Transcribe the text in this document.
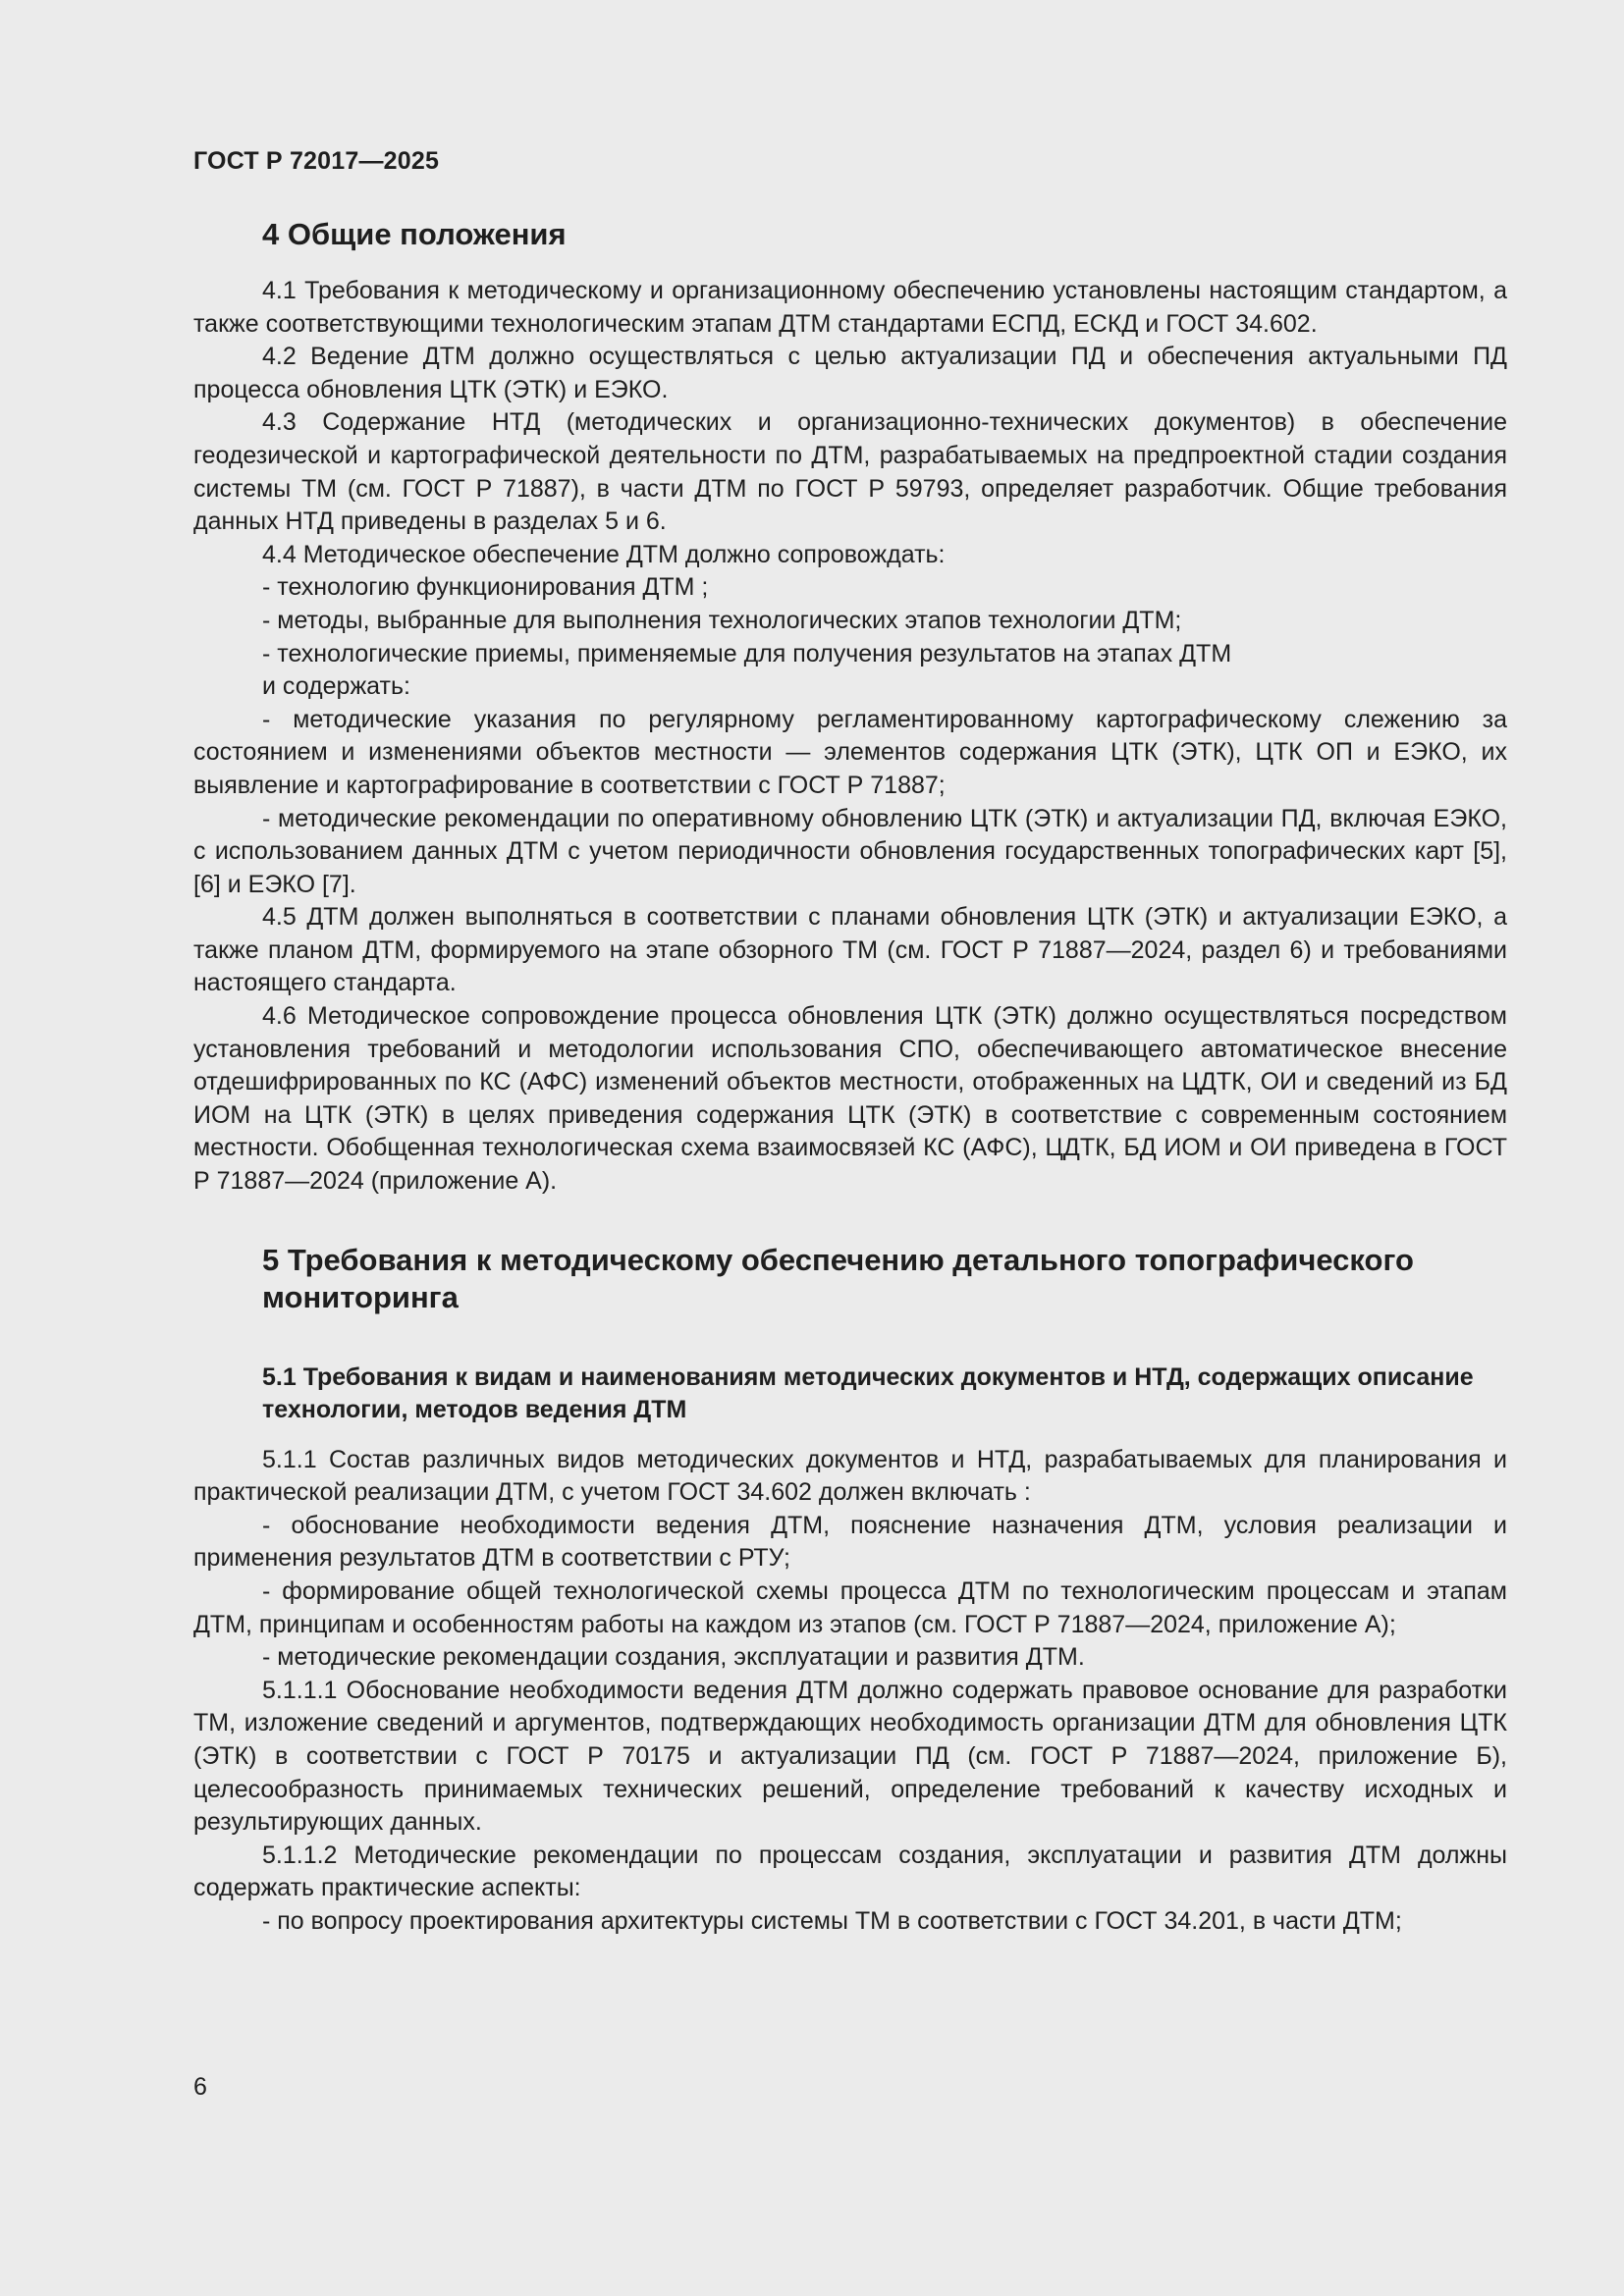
ГОСТ Р 72017—2025
4 Общие положения

4.1 Требования к методическому и организационному обеспечению установлены настоящим стандартом, а также соответствующими технологическим этапам ДТМ стандартами ЕСПД, ЕСКД и ГОСТ 34.602.

4.2 Ведение ДТМ должно осуществляться с целью актуализации ПД и обеспечения актуальными ПД процесса обновления ЦТК (ЭТК) и ЕЭКО.

4.3 Содержание НТД (методических и организационно-технических документов) в обеспечение геодезической и картографической деятельности по ДТМ, разрабатываемых на предпроектной стадии создания системы ТМ (см. ГОСТ Р 71887), в части ДТМ по ГОСТ Р 59793, определяет разработчик. Общие требования данных НТД приведены в разделах 5 и 6.

4.4 Методическое обеспечение ДТМ должно сопровождать:

- технологию функционирования ДТМ ;

- методы, выбранные для выполнения технологических этапов технологии ДТМ;

- технологические приемы, применяемые для получения результатов на этапах ДТМ

и содержать:

- методические указания по регулярному регламентированному картографическому слежению за состоянием и изменениями объектов местности — элементов содержания ЦТК (ЭТК), ЦТК ОП и ЕЭКО, их выявление и картографирование в соответствии с ГОСТ Р 71887;

- методические рекомендации по оперативному обновлению ЦТК (ЭТК) и актуализации ПД, включая ЕЭКО, с использованием данных ДТМ с учетом периодичности обновления государственных топографических карт [5], [6] и ЕЭКО [7].

4.5 ДТМ должен выполняться в соответствии с планами обновления ЦТК (ЭТК) и актуализации ЕЭКО, а также планом ДТМ, формируемого на этапе обзорного ТМ (см. ГОСТ Р 71887—2024, раздел 6) и требованиями настоящего стандарта.

4.6 Методическое сопровождение процесса обновления ЦТК (ЭТК) должно осуществляться посредством установления требований и методологии использования СПО, обеспечивающего автоматическое внесение отдешифрированных по КС (АФС) изменений объектов местности, отображенных на ЦДТК, ОИ и сведений из БД ИОМ на ЦТК (ЭТК) в целях приведения содержания ЦТК (ЭТК) в соответствие с современным состоянием местности. Обобщенная технологическая схема взаимосвязей КС (АФС), ЦДТК, БД ИОМ и ОИ приведена в ГОСТ Р 71887—2024 (приложение А).

5 Требования к методическому обеспечению детального топографического мониторинга
5.1 Требования к видам и наименованиям методических документов и НТД, содержащих описание технологии, методов ведения ДТМ

5.1.1 Состав различных видов методических документов и НТД, разрабатываемых для планирования и практической реализации ДТМ, с учетом ГОСТ 34.602 должен включать :

- обоснование необходимости ведения ДТМ, пояснение назначения ДТМ, условия реализации и применения результатов ДТМ в соответствии с РТУ;

- формирование общей технологической схемы процесса ДТМ по технологическим процессам и этапам ДТМ, принципам и особенностям работы на каждом из этапов (см. ГОСТ Р 71887—2024, приложение А);

- методические рекомендации создания, эксплуатации и развития ДТМ.

5.1.1.1 Обоснование необходимости ведения ДТМ должно содержать правовое основание для разработки ТМ, изложение сведений и аргументов, подтверждающих необходимость организации ДТМ для обновления ЦТК (ЭТК) в соответствии с ГОСТ Р 70175 и актуализации ПД (см. ГОСТ Р 71887—2024, приложение Б), целесообразность принимаемых технических решений, определение требований к качеству исходных и результирующих данных.

5.1.1.2 Методические рекомендации по процессам создания, эксплуатации и развития ДТМ должны содержать практические аспекты:

- по вопросу проектирования архитектуры системы ТМ в соответствии с ГОСТ 34.201, в части ДТМ;

6
